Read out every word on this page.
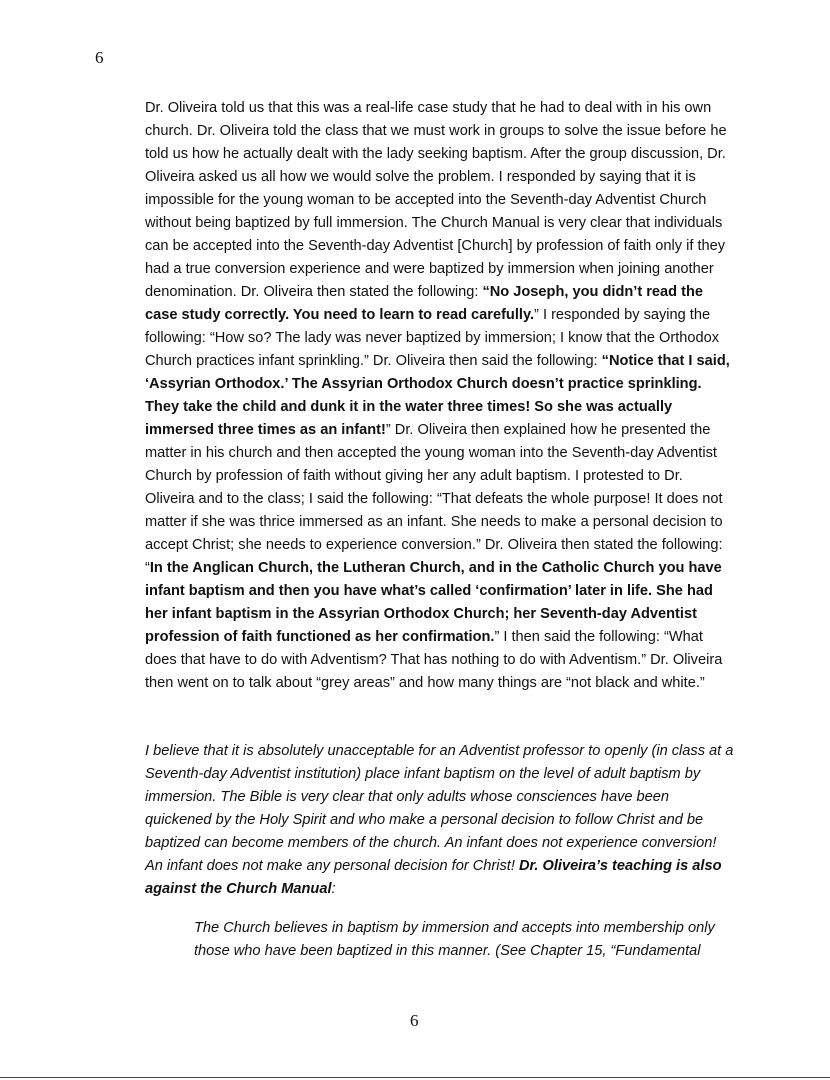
6

Dr. Oliveira told us that this was a real-life case study that he had to deal with in his own church. Dr. Oliveira told the class that we must work in groups to solve the issue before he told us how he actually dealt with the lady seeking baptism. After the group discussion, Dr. Oliveira asked us all how we would solve the problem. I responded by saying that it is impossible for the young woman to be accepted into the Seventh-day Adventist Church without being baptized by full immersion. The Church Manual is very clear that individuals can be accepted into the Seventh-day Adventist [Church] by profession of faith only if they had a true conversion experience and were baptized by immersion when joining another denomination. Dr. Oliveira then stated the following: “No Joseph, you didn’t read the case study correctly. You need to learn to read carefully.” I responded by saying the following: “How so? The lady was never baptized by immersion; I know that the Orthodox Church practices infant sprinkling.” Dr. Oliveira then said the following: “Notice that I said, ‘Assyrian Orthodox.’ The Assyrian Orthodox Church doesn’t practice sprinkling. They take the child and dunk it in the water three times! So she was actually immersed three times as an infant!” Dr. Oliveira then explained how he presented the matter in his church and then accepted the young woman into the Seventh-day Adventist Church by profession of faith without giving her any adult baptism. I protested to Dr. Oliveira and to the class; I said the following: “That defeats the whole purpose! It does not matter if she was thrice immersed as an infant. She needs to make a personal decision to accept Christ; she needs to experience conversion.” Dr. Oliveira then stated the following: “In the Anglican Church, the Lutheran Church, and in the Catholic Church you have infant baptism and then you have what’s called ‘confirmation’ later in life. She had her infant baptism in the Assyrian Orthodox Church; her Seventh-day Adventist profession of faith functioned as her confirmation.” I then said the following: “What does that have to do with Adventism? That has nothing to do with Adventism.” Dr. Oliveira then went on to talk about “grey areas” and how many things are “not black and white.”

I believe that it is absolutely unacceptable for an Adventist professor to openly (in class at a Seventh-day Adventist institution) place infant baptism on the level of adult baptism by immersion. The Bible is very clear that only adults whose consciences have been quickened by the Holy Spirit and who make a personal decision to follow Christ and be baptized can become members of the church. An infant does not experience conversion! An infant does not make any personal decision for Christ! Dr. Oliveira’s teaching is also against the Church Manual:

The Church believes in baptism by immersion and accepts into membership only those who have been baptized in this manner. (See Chapter 15, “Fundamental

6
